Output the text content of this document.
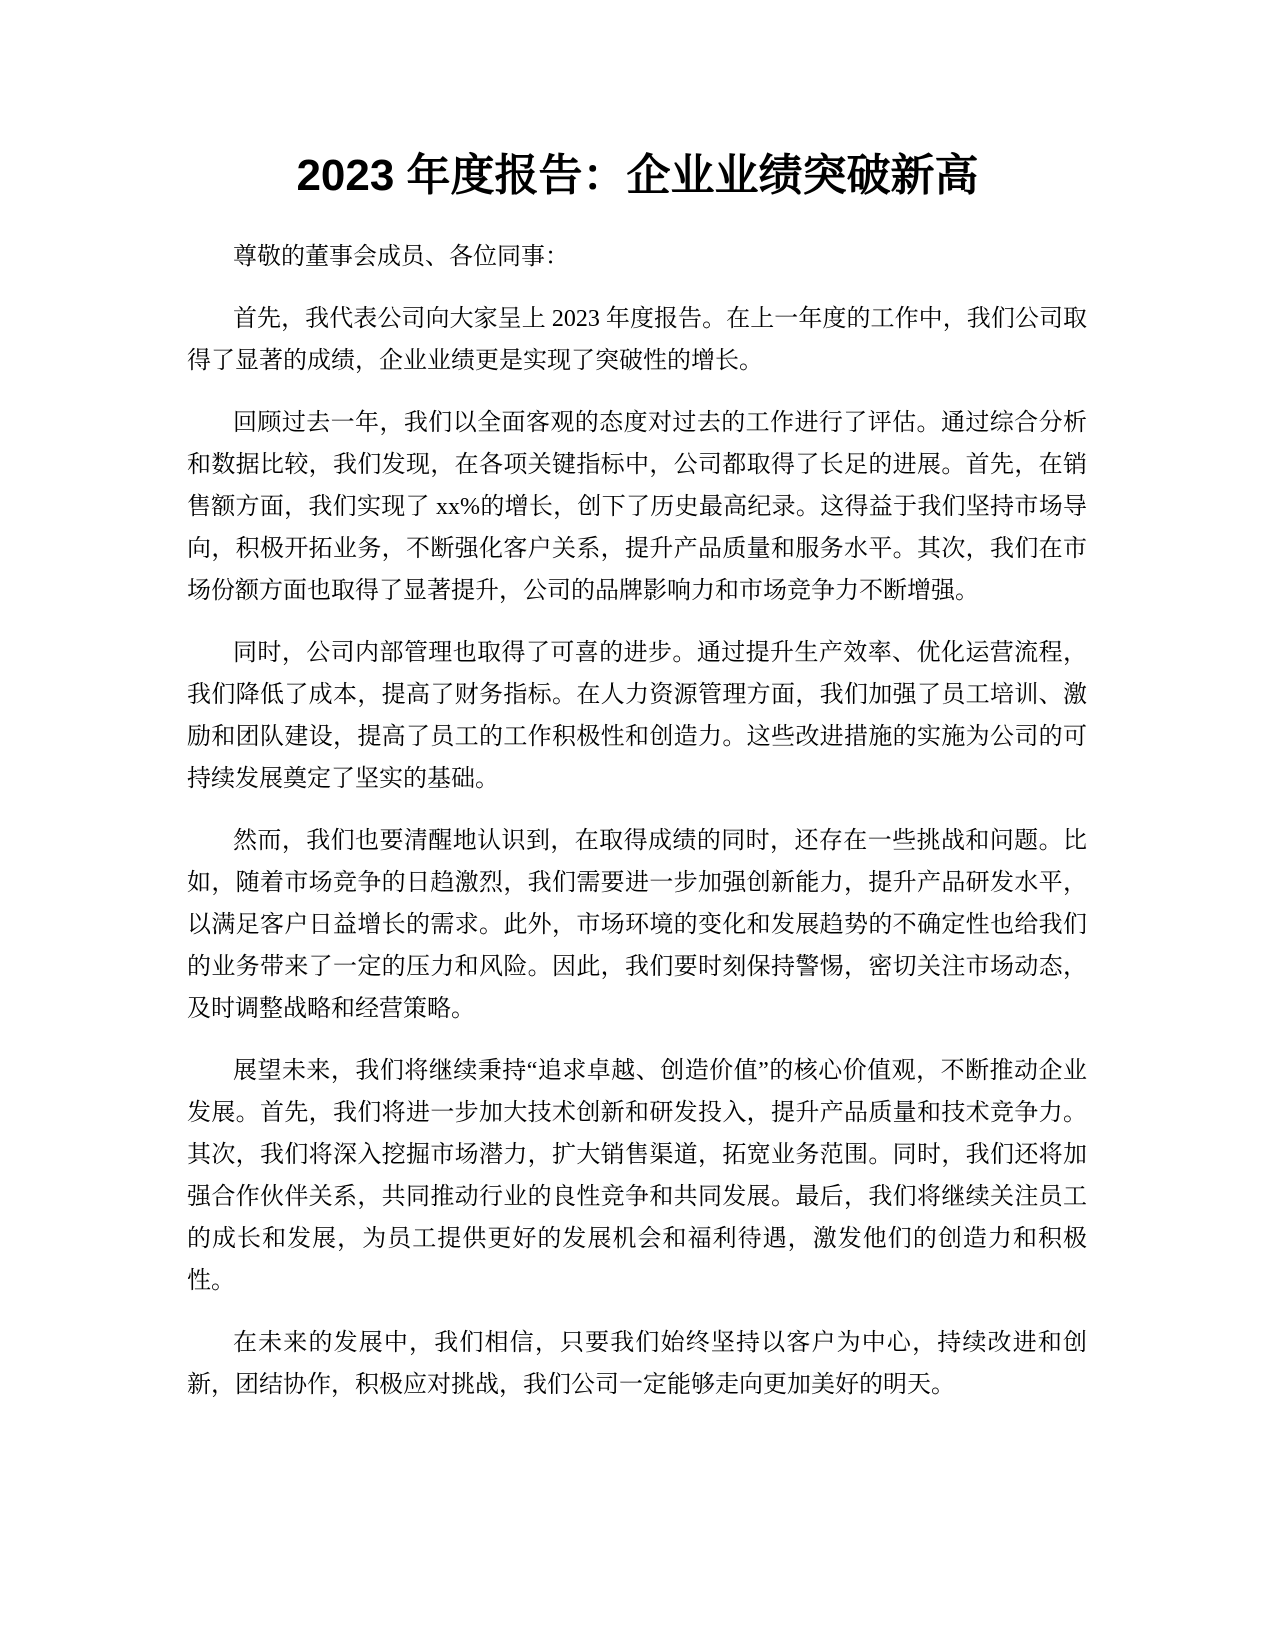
2023 年度报告：企业业绩突破新高

尊敬的董事会成员、各位同事：

首先，我代表公司向大家呈上 2023 年度报告。在上一年度的工作中，我们公司取得了显著的成绩，企业业绩更是实现了突破性的增长。

回顾过去一年，我们以全面客观的态度对过去的工作进行了评估。通过综合分析和数据比较，我们发现，在各项关键指标中，公司都取得了长足的进展。首先，在销售额方面，我们实现了 xx%的增长，创下了历史最高纪录。这得益于我们坚持市场导向，积极开拓业务，不断强化客户关系，提升产品质量和服务水平。其次，我们在市场份额方面也取得了显著提升，公司的品牌影响力和市场竞争力不断增强。

同时，公司内部管理也取得了可喜的进步。通过提升生产效率、优化运营流程，我们降低了成本，提高了财务指标。在人力资源管理方面，我们加强了员工培训、激励和团队建设，提高了员工的工作积极性和创造力。这些改进措施的实施为公司的可持续发展奠定了坚实的基础。

然而，我们也要清醒地认识到，在取得成绩的同时，还存在一些挑战和问题。比如，随着市场竞争的日趋激烈，我们需要进一步加强创新能力，提升产品研发水平，以满足客户日益增长的需求。此外，市场环境的变化和发展趋势的不确定性也给我们的业务带来了一定的压力和风险。因此，我们要时刻保持警惕，密切关注市场动态，及时调整战略和经营策略。

展望未来，我们将继续秉持“追求卓越、创造价值”的核心价值观，不断推动企业发展。首先，我们将进一步加大技术创新和研发投入，提升产品质量和技术竞争力。其次，我们将深入挖掘市场潜力，扩大销售渠道，拓宽业务范围。同时，我们还将加强合作伙伴关系，共同推动行业的良性竞争和共同发展。最后，我们将继续关注员工的成长和发展，为员工提供更好的发展机会和福利待遇，激发他们的创造力和积极性。

在未来的发展中，我们相信，只要我们始终坚持以客户为中心，持续改进和创新，团结协作，积极应对挑战，我们公司一定能够走向更加美好的明天。
